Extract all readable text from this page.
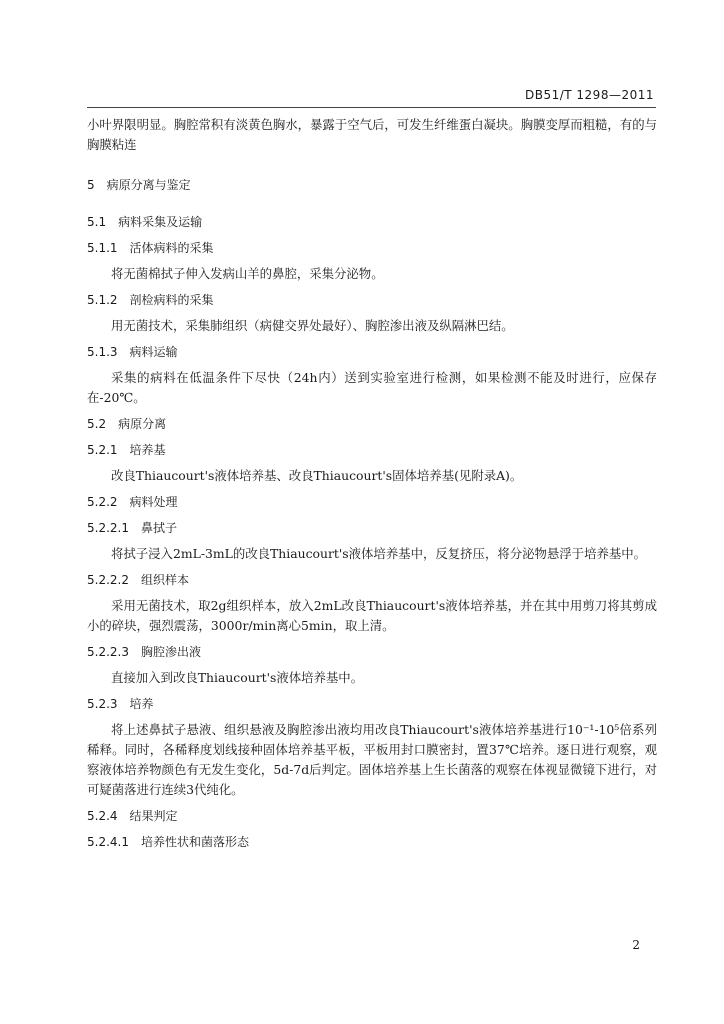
DB51/T 1298—2011

小叶界限明显。胸腔常积有淡黄色胸水，暴露于空气后，可发生纤维蛋白凝块。胸膜变厚而粗糙，有的与胸膜粘连

5 病原分离与鉴定
5.1 病料采集及运输
5.1.1 活体病料的采集

将无菌棉拭子伸入发病山羊的鼻腔，采集分泌物。

5.1.2 剖检病料的采集

用无菌技术，采集肺组织（病健交界处最好）、胸腔渗出液及纵隔淋巴结。

5.1.3 病料运输

采集的病料在低温条件下尽快（24h内）送到实验室进行检测，如果检测不能及时进行，应保存在-20℃。

5.2 病原分离
5.2.1 培养基

改良Thiaucourt's液体培养基、改良Thiaucourt's固体培养基(见附录A)。

5.2.2 病料处理
5.2.2.1 鼻拭子

将拭子浸入2mL-3mL的改良Thiaucourt's液体培养基中，反复挤压，将分泌物悬浮于培养基中。

5.2.2.2 组织样本

采用无菌技术，取2g组织样本，放入2mL改良Thiaucourt's液体培养基，并在其中用剪刀将其剪成小的碎块，强烈震荡，3000r/min离心5min，取上清。

5.2.2.3 胸腔渗出液

直接加入到改良Thiaucourt's液体培养基中。

5.2.3 培养

将上述鼻拭子悬液、组织悬液及胸腔渗出液均用改良Thiaucourt's液体培养基进行10⁻¹-10⁵倍系列稀释。同时，各稀释度划线接种固体培养基平板，平板用封口膜密封，置37℃培养。逐日进行观察，观察液体培养物颜色有无发生变化，5d-7d后判定。固体培养基上生长菌落的观察在体视显微镜下进行，对可疑菌落进行连续3代纯化。

5.2.4 结果判定
5.2.4.1 培养性状和菌落形态
2
